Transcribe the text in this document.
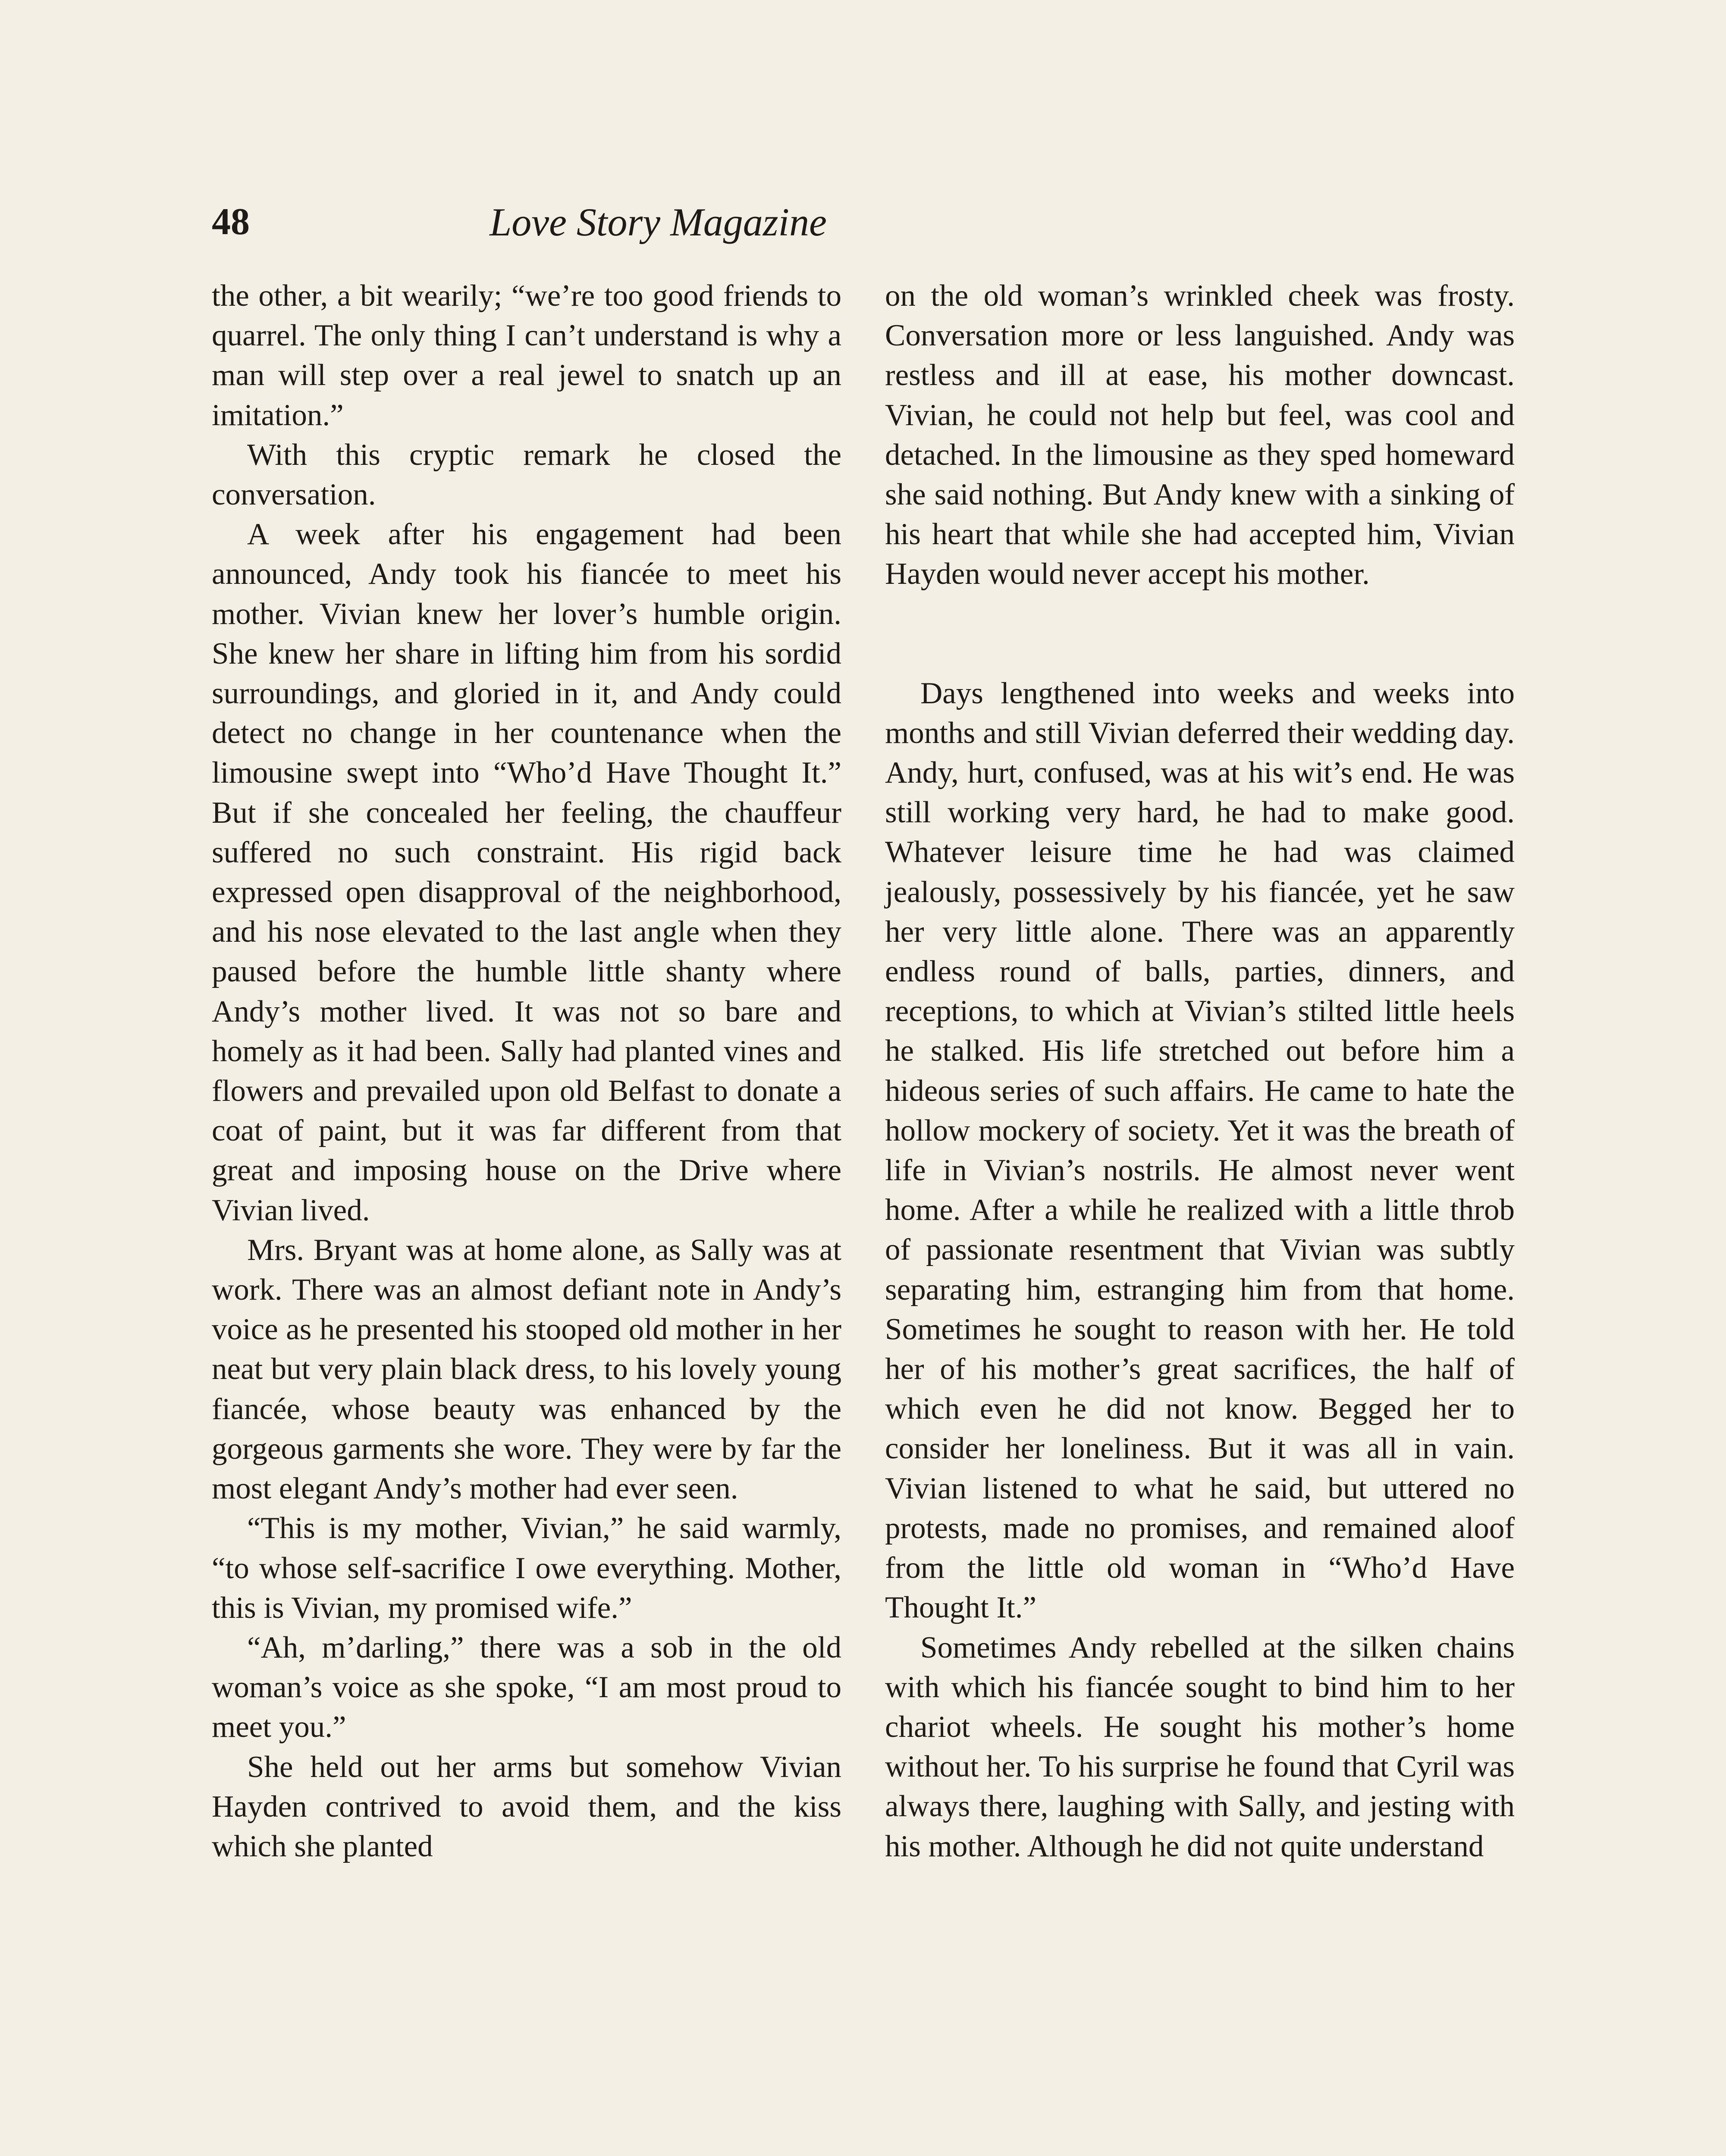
48	Love Story Magazine

the other, a bit wearily; “we’re too good friends to quarrel. The only thing I can’t understand is why a man will step over a real jewel to snatch up an imitation.”

With this cryptic remark he closed the conversation.

A week after his engagement had been announced, Andy took his fiancée to meet his mother. Vivian knew her lover’s humble origin. She knew her share in lifting him from his sordid surroundings, and gloried in it, and Andy could detect no change in her countenance when the limousine swept into “Who’d Have Thought It.” But if she concealed her feeling, the chauffeur suffered no such constraint. His rigid back expressed open disapproval of the neighborhood, and his nose elevated to the last angle when they paused before the humble little shanty where Andy’s mother lived. It was not so bare and homely as it had been. Sally had planted vines and flowers and prevailed upon old Belfast to donate a coat of paint, but it was far different from that great and imposing house on the Drive where Vivian lived.

Mrs. Bryant was at home alone, as Sally was at work. There was an almost defiant note in Andy’s voice as he presented his stooped old mother in her neat but very plain black dress, to his lovely young fiancée, whose beauty was enhanced by the gorgeous garments she wore. They were by far the most elegant Andy’s mother had ever seen.

“This is my mother, Vivian,” he said warmly, “to whose self-sacrifice I owe everything. Mother, this is Vivian, my promised wife.”

“Ah, m’darling,” there was a sob in the old woman’s voice as she spoke, “I am most proud to meet you.”

She held out her arms but somehow Vivian Hayden contrived to avoid them, and the kiss which she planted

on the old woman’s wrinkled cheek was frosty. Conversation more or less languished. Andy was restless and ill at ease, his mother downcast. Vivian, he could not help but feel, was cool and detached. In the limousine as they sped homeward she said nothing. But Andy knew with a sinking of his heart that while she had accepted him, Vivian Hayden would never accept his mother.

Days lengthened into weeks and weeks into months and still Vivian deferred their wedding day. Andy, hurt, confused, was at his wit’s end. He was still working very hard, he had to make good. Whatever leisure time he had was claimed jealously, possessively by his fiancée, yet he saw her very little alone. There was an apparently endless round of balls, parties, dinners, and receptions, to which at Vivian’s stilted little heels he stalked. His life stretched out before him a hideous series of such affairs. He came to hate the hollow mockery of society. Yet it was the breath of life in Vivian’s nostrils. He almost never went home. After a while he realized with a little throb of passionate resentment that Vivian was subtly separating him, estranging him from that home. Sometimes he sought to reason with her. He told her of his mother’s great sacrifices, the half of which even he did not know. Begged her to consider her loneliness. But it was all in vain. Vivian listened to what he said, but uttered no protests, made no promises, and remained aloof from the little old woman in “Who’d Have Thought It.”

Sometimes Andy rebelled at the silken chains with which his fiancée sought to bind him to her chariot wheels. He sought his mother’s home without her. To his surprise he found that Cyril was always there, laughing with Sally, and jesting with his mother. Although he did not quite understand
